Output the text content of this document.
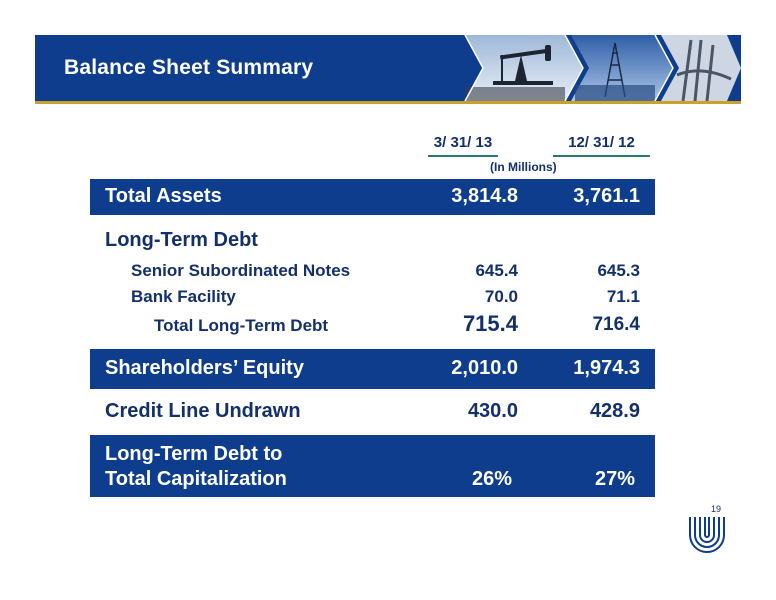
Balance Sheet Summary
3/ 31/ 13	12/ 31/ 12
(In Millions)
Total Assets	3,814.8	3,761.1
Long-Term Debt
Senior Subordinated Notes	645.4	645.3
Bank Facility	70.0	71.1
Total Long-Term Debt	715.4	716.4
Shareholders’ Equity	2,010.0	1,974.3
Credit Line Undrawn	430.0	428.9
Long-Term Debt to
Total Capitalization	26%	27%
19
